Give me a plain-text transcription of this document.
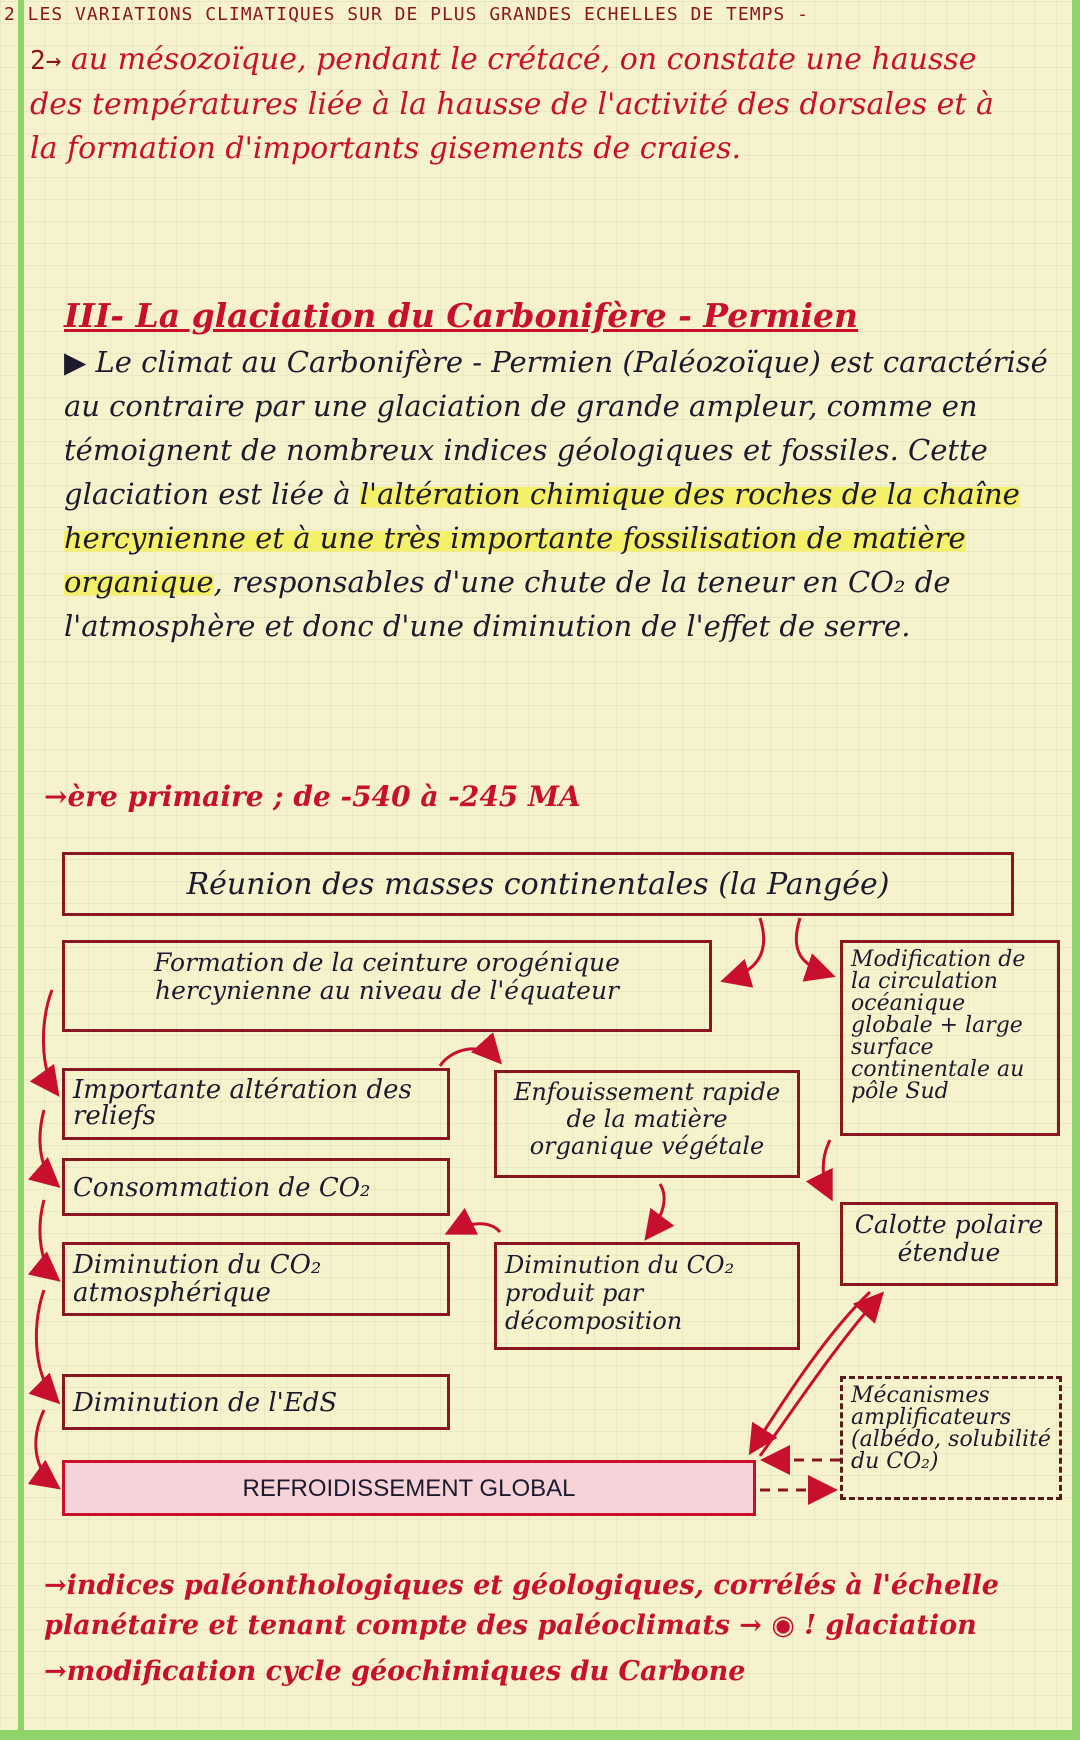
2 LES VARIATIONS CLIMATIQUES SUR DE PLUS GRANDES ECHELLES DE TEMPS -
2→ au mésozoïque, pendant le crétacé, on constate une hausse des températures liée à la hausse de l'activité des dorsales et à la formation d'importants gisements de craies.
III- La glaciation du Carbonifère - Permien
▶ Le climat au Carbonifère - Permien (Paléozoïque) est caractérisé au contraire par une glaciation de grande ampleur, comme en témoignent de nombreux indices géologiques et fossiles. Cette glaciation est liée à l'altération chimique des roches de la chaîne hercynienne et à une très importante fossilisation de matière organique, responsables d'une chute de la teneur en CO₂ de l'atmosphère et donc d'une diminution de l'effet de serre.
→ère primaire ; de -540 à -245 MA
Réunion des masses continentales (la Pangée)
Formation de la ceinture orogénique hercynienne au niveau de l'équateur
Modification de la circulation océanique globale + large surface continentale au pôle Sud
Importante altération des reliefs
Enfouissement rapide de la matière organique végétale
Consommation de CO₂
Calotte polaire étendue
Diminution du CO₂ atmosphérique
Diminution du CO₂ produit par décomposition
Diminution de l'EdS	Mécanismes amplificateurs (albédo, solubilité du CO₂)
REFROIDISSEMENT GLOBAL
→indices paléonthologiques et géologiques, corrélés à l'échelle planétaire et tenant compte des paléoclimats → ◉ ! glaciation
→modification cycle géochimiques du Carbone
